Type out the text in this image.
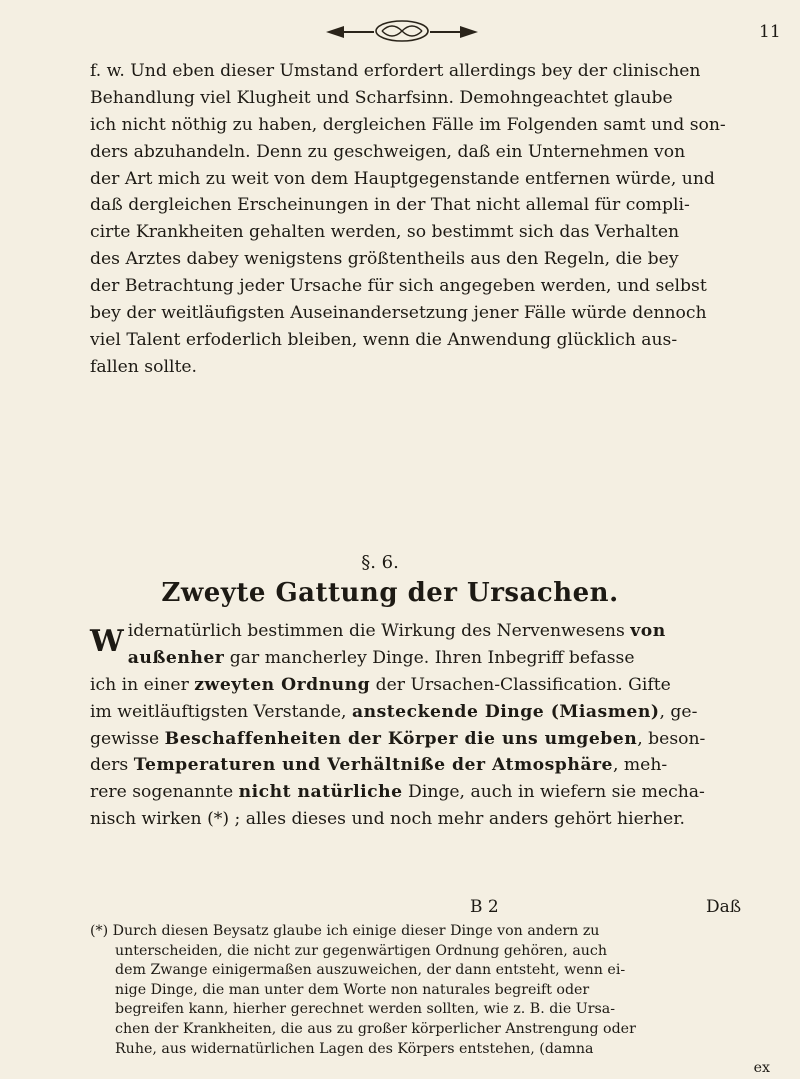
11
f. w. Und eben dieser Umstand erfordert allerdings bey der clinischen
Behandlung viel Klugheit und Scharfsinn. Demohngeachtet glaube
ich nicht nöthig zu haben, dergleichen Fälle im Folgenden samt und son-
ders abzuhandeln. Denn zu geschweigen, daß ein Unternehmen von
der Art mich zu weit von dem Hauptgegenstande entfernen würde, und
daß dergleichen Erscheinungen in der That nicht allemal für compli-
cirte Krankheiten gehalten werden, so bestimmt sich das Verhalten
des Arztes dabey wenigstens größtentheils aus den Regeln, die bey
der Betrachtung jeder Ursache für sich angegeben werden, und selbst
bey der weitläufigsten Auseinandersetzung jener Fälle würde dennoch
viel Talent erfoderlich bleiben, wenn die Anwendung glücklich aus-
fallen sollte.
§. 6.
Zweyte Gattung der Ursachen.
W idernatürlich bestimmen die Wirkung des Nervenwesens von
außenher gar mancherley Dinge. Ihren Inbegriff befasse
ich in einer zweyten Ordnung der Ursachen-Classification. Gifte
im weitläuftigsten Verstande, ansteckende Dinge (Miasmen), ge-
gewisse Beschaffenheiten der Körper die uns umgeben, beson-
ders Temperaturen und Verhältniße der Atmosphäre, meh-
rere sogenannte nicht natürliche Dinge, auch in wiefern sie mecha-
nisch wirken (*) ; alles dieses und noch mehr anders gehört hierher.
B 2	Daß
(*) Durch diesen Beysatz glaube ich einige dieser Dinge von andern zu
unterscheiden, die nicht zur gegenwärtigen Ordnung gehören, auch
dem Zwange einigermaßen auszuweichen, der dann entsteht, wenn ei-
nige Dinge, die man unter dem Worte non naturales begreift oder
begreifen kann, hierher gerechnet werden sollten, wie z. B. die Ursa-
chen der Krankheiten, die aus zu großer körperlicher Anstrengung oder
Ruhe, aus widernatürlichen Lagen des Körpers entstehen, (damna
ex
